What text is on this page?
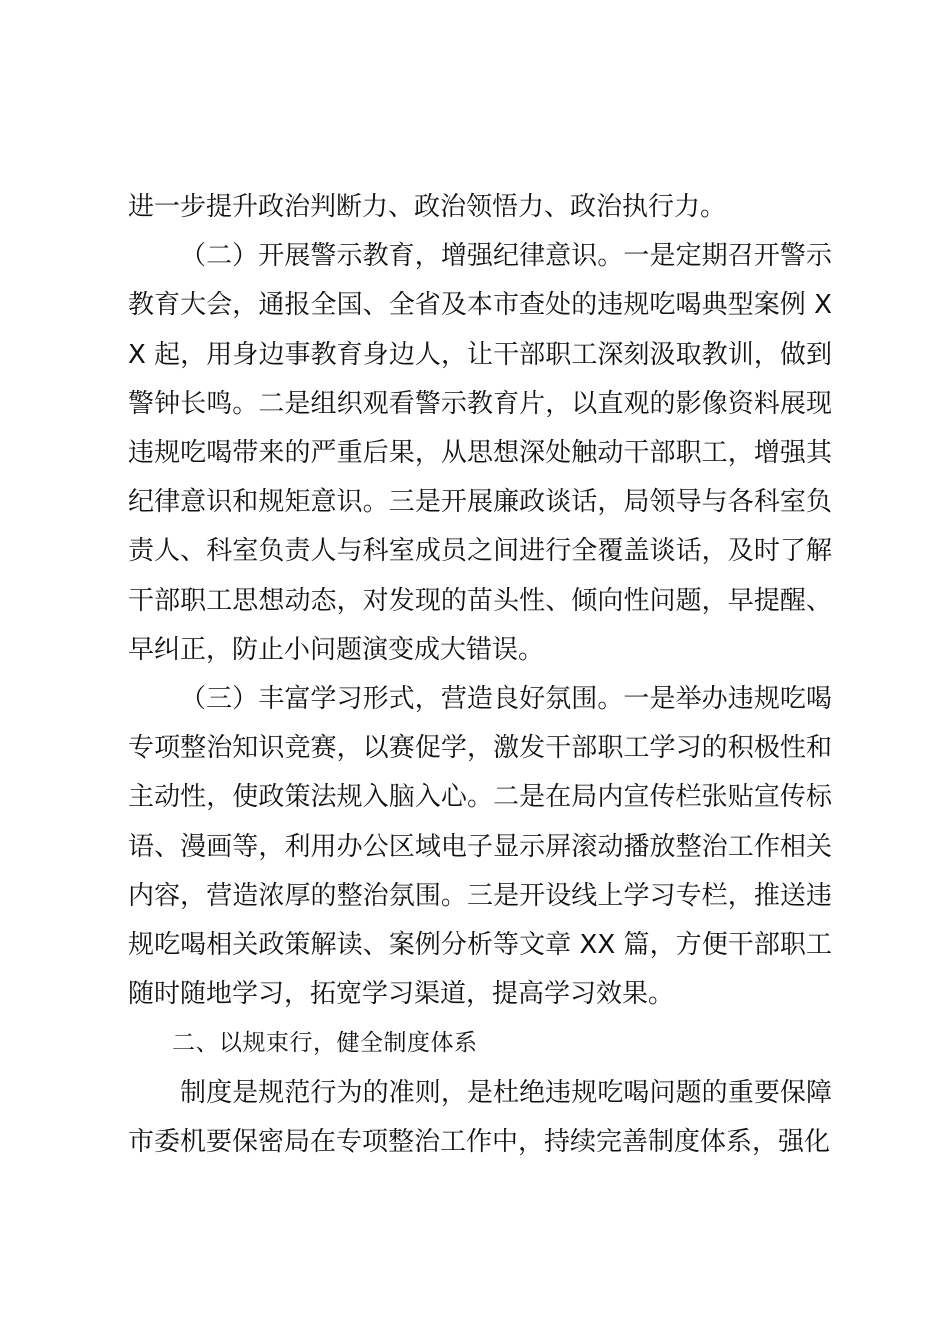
进一步提升政治判断力、政治领悟力、政治执行力。

（二）开展警示教育，增强纪律意识。一是定期召开警示教育大会，通报全国、全省及本市查处的违规吃喝典型案例 XX 起，用身边事教育身边人，让干部职工深刻汲取教训，做到警钟长鸣。二是组织观看警示教育片，以直观的影像资料展现违规吃喝带来的严重后果，从思想深处触动干部职工，增强其纪律意识和规矩意识。三是开展廉政谈话，局领导与各科室负责人、科室负责人与科室成员之间进行全覆盖谈话，及时了解干部职工思想动态，对发现的苗头性、倾向性问题，早提醒、早纠正，防止小问题演变成大错误。

（三）丰富学习形式，营造良好氛围。一是举办违规吃喝专项整治知识竞赛，以赛促学，激发干部职工学习的积极性和主动性，使政策法规入脑入心。二是在局内宣传栏张贴宣传标语、漫画等，利用办公区域电子显示屏滚动播放整治工作相关内容，营造浓厚的整治氛围。三是开设线上学习专栏，推送违规吃喝相关政策解读、案例分析等文章 XX 篇，方便干部职工随时随地学习，拓宽学习渠道，提高学习效果。

二、以规束行，健全制度体系

制度是规范行为的准则，是杜绝违规吃喝问题的重要保障市委机要保密局在专项整治工作中，持续完善制度体系，强化
